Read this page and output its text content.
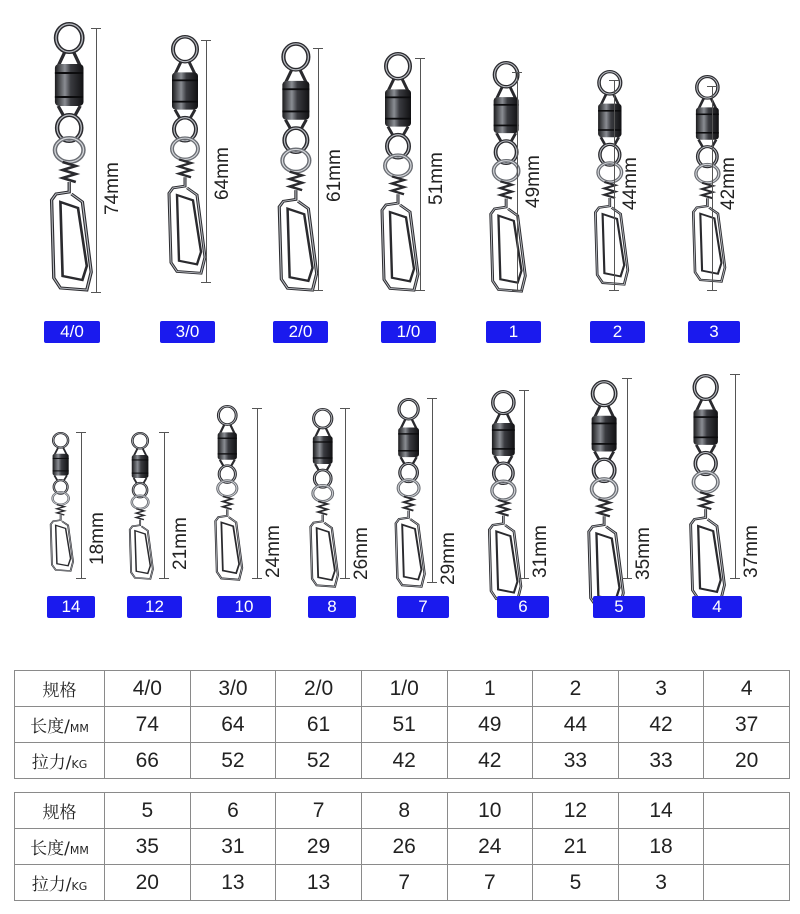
74mm
4/0
64mm
3/0
61mm
2/0
51mm
1/0
49mm
1
44mm
2
42mm
3
18mm
14
21mm
12
24mm
10
26mm
8
29mm
7
31mm
6
35mm
5
37mm
4
规格	4/0	3/0	2/0	1/0	1	2	3	4
长度/MM	74	64	61	51	49	44	42	37
拉力/KG	66	52	52	42	42	33	33	20
规格	5	6	7	8	10	12	14	
长度/MM	35	31	29	26	24	21	18	
拉力/KG	20	13	13	7	7	5	3	
